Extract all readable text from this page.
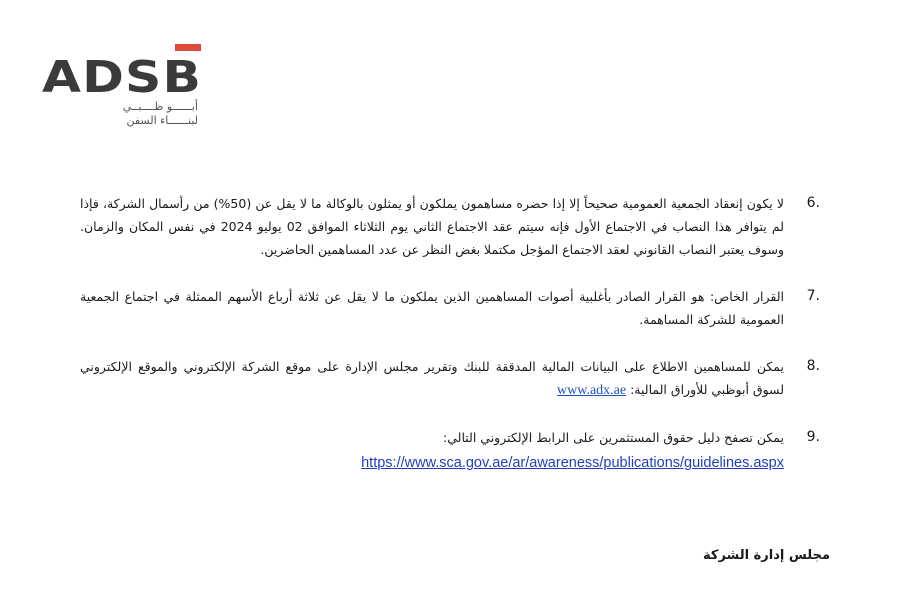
ADSB
أبــــــو ظــــبــي
لبنــــــاء السفن
6.
لا يكون إنعقاد الجمعية العمومية صحيحاً إلا إذا حضره مساهمون يملكون أو يمثلون بالوكالة ما لا يقل عن (50%) من رأسمال الشركة، فإذا لم يتوافر هذا النصاب في الاجتماع الأول فإنه سيتم عقد الاجتماع الثاني يوم الثلاثاء الموافق 02 يوليو 2024 في نفس المكان والزمان. وسوف يعتبر النصاب القانوني لعقد الاجتماع المؤجل مكتملا بغض النظر عن عدد المساهمين الحاضرين.
7.
القرار الخاص: هو القرار الصادر بأغلبية أصوات المساهمين الذين يملكون ما لا يقل عن ثلاثة أرباع الأسهم الممثلة في اجتماع الجمعية العمومية للشركة المساهمة.
8.
يمكن للمساهمين الاطلاع على البيانات المالية المدققة للبنك وتقرير مجلس الإدارة على موقع الشركة الإلكتروني والموقع الإلكتروني لسوق أبوظبي للأوراق المالية: www.adx.ae
9.
يمكن تصفح دليل حقوق المستثمرين على الرابط الإلكتروني التالي:
https://www.sca.gov.ae/ar/awareness/publications/guidelines.aspx
مجلس إدارة الشركة
